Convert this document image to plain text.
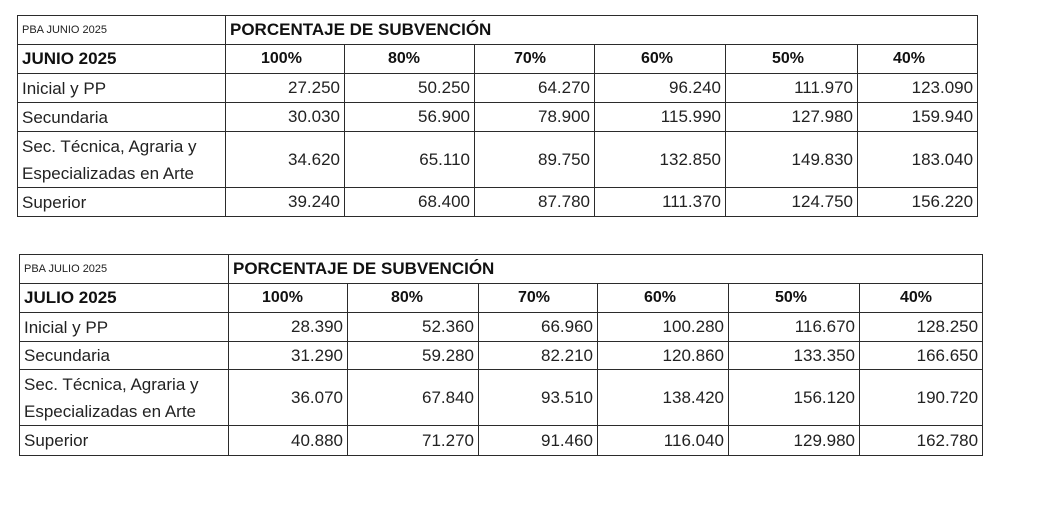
PBA JUNIO 2025	PORCENTAJE DE SUBVENCIÓN					
JUNIO 2025	100%	80%	70%	60%	50%	40%
Inicial y PP	27.250	50.250	64.270	96.240	111.970	123.090
Secundaria	30.030	56.900	78.900	115.990	127.980	159.940

Sec. Técnica, Agraria y
Especializadas en Arte	34.620	65.110	89.750	132.850	149.830	183.040
Superior	39.240	68.400	87.780	111.370	124.750	156.220
PBA JULIO 2025	PORCENTAJE DE SUBVENCIÓN					
JULIO 2025	100%	80%	70%	60%	50%	40%
Inicial y PP	28.390	52.360	66.960	100.280	116.670	128.250
Secundaria	31.290	59.280	82.210	120.860	133.350	166.650

Sec. Técnica, Agraria y
Especializadas en Arte	36.070	67.840	93.510	138.420	156.120	190.720
Superior	40.880	71.270	91.460	116.040	129.980	162.780
